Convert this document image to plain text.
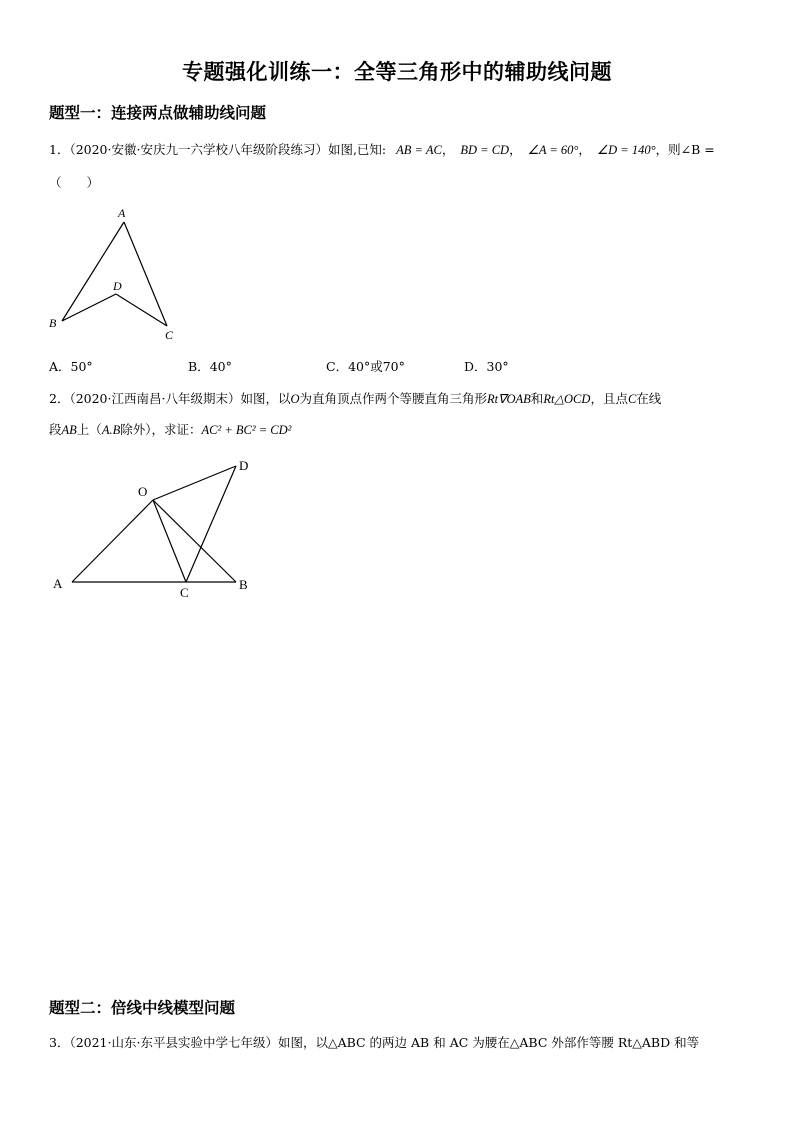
专题强化训练一：全等三角形中的辅助线问题
题型一：连接两点做辅助线问题
1．（2020·安徽·安庆九一六学校八年级阶段练习）如图,已知: AB = AC， BD = CD， ∠A = 60°， ∠D = 140°，则∠B =
（　　）
A
B
C
D
A．50°	B．40°	C．40°或70°	D．30°
2．（2020·江西南昌·八年级期末）如图，以O为直角顶点作两个等腰直角三角形Rt∇OAB和Rt△OCD，且点C在线
段AB上（A.B除外），求证：AC² + BC² = CD²
O
D
A
C
B
题型二：倍线中线模型问题
3．（2021·山东·东平县实验中学七年级）如图，以△ABC 的两边 AB 和 AC 为腰在△ABC 外部作等腰 Rt△ABD 和等
